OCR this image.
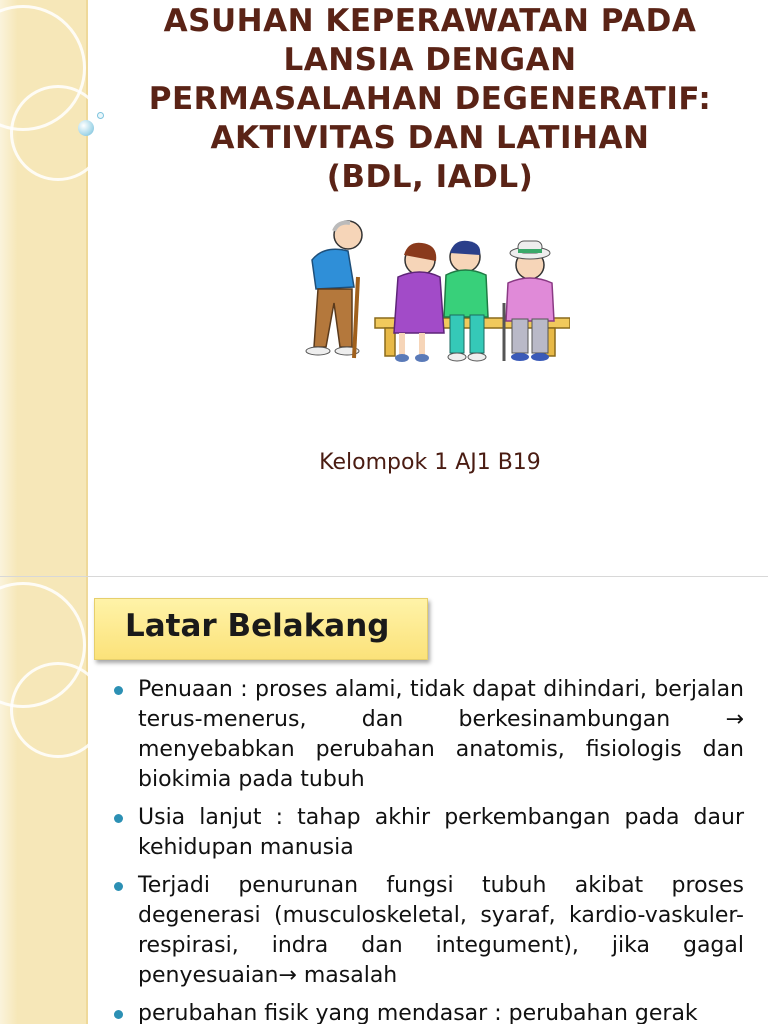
ASUHAN KEPERAWATAN PADA
LANSIA DENGAN
PERMASALAHAN DEGENERATIF:
AKTIVITAS DAN LATIHAN
(BDL, IADL)
Kelompok 1 AJ1 B19
Latar Belakang
Penuaan : proses alami, tidak dapat dihindari, berjalan terus-menerus, dan berkesinambungan → menyebabkan perubahan anatomis, fisiologis dan biokimia pada tubuh
Usia lanjut : tahap akhir perkembangan pada daur kehidupan manusia
Terjadi penurunan fungsi tubuh akibat proses degenerasi (musculoskeletal, syaraf, kardio-vaskuler-respirasi, indra dan integument), jika gagal penyesuaian→ masalah
perubahan fisik yang mendasar : perubahan gerak
